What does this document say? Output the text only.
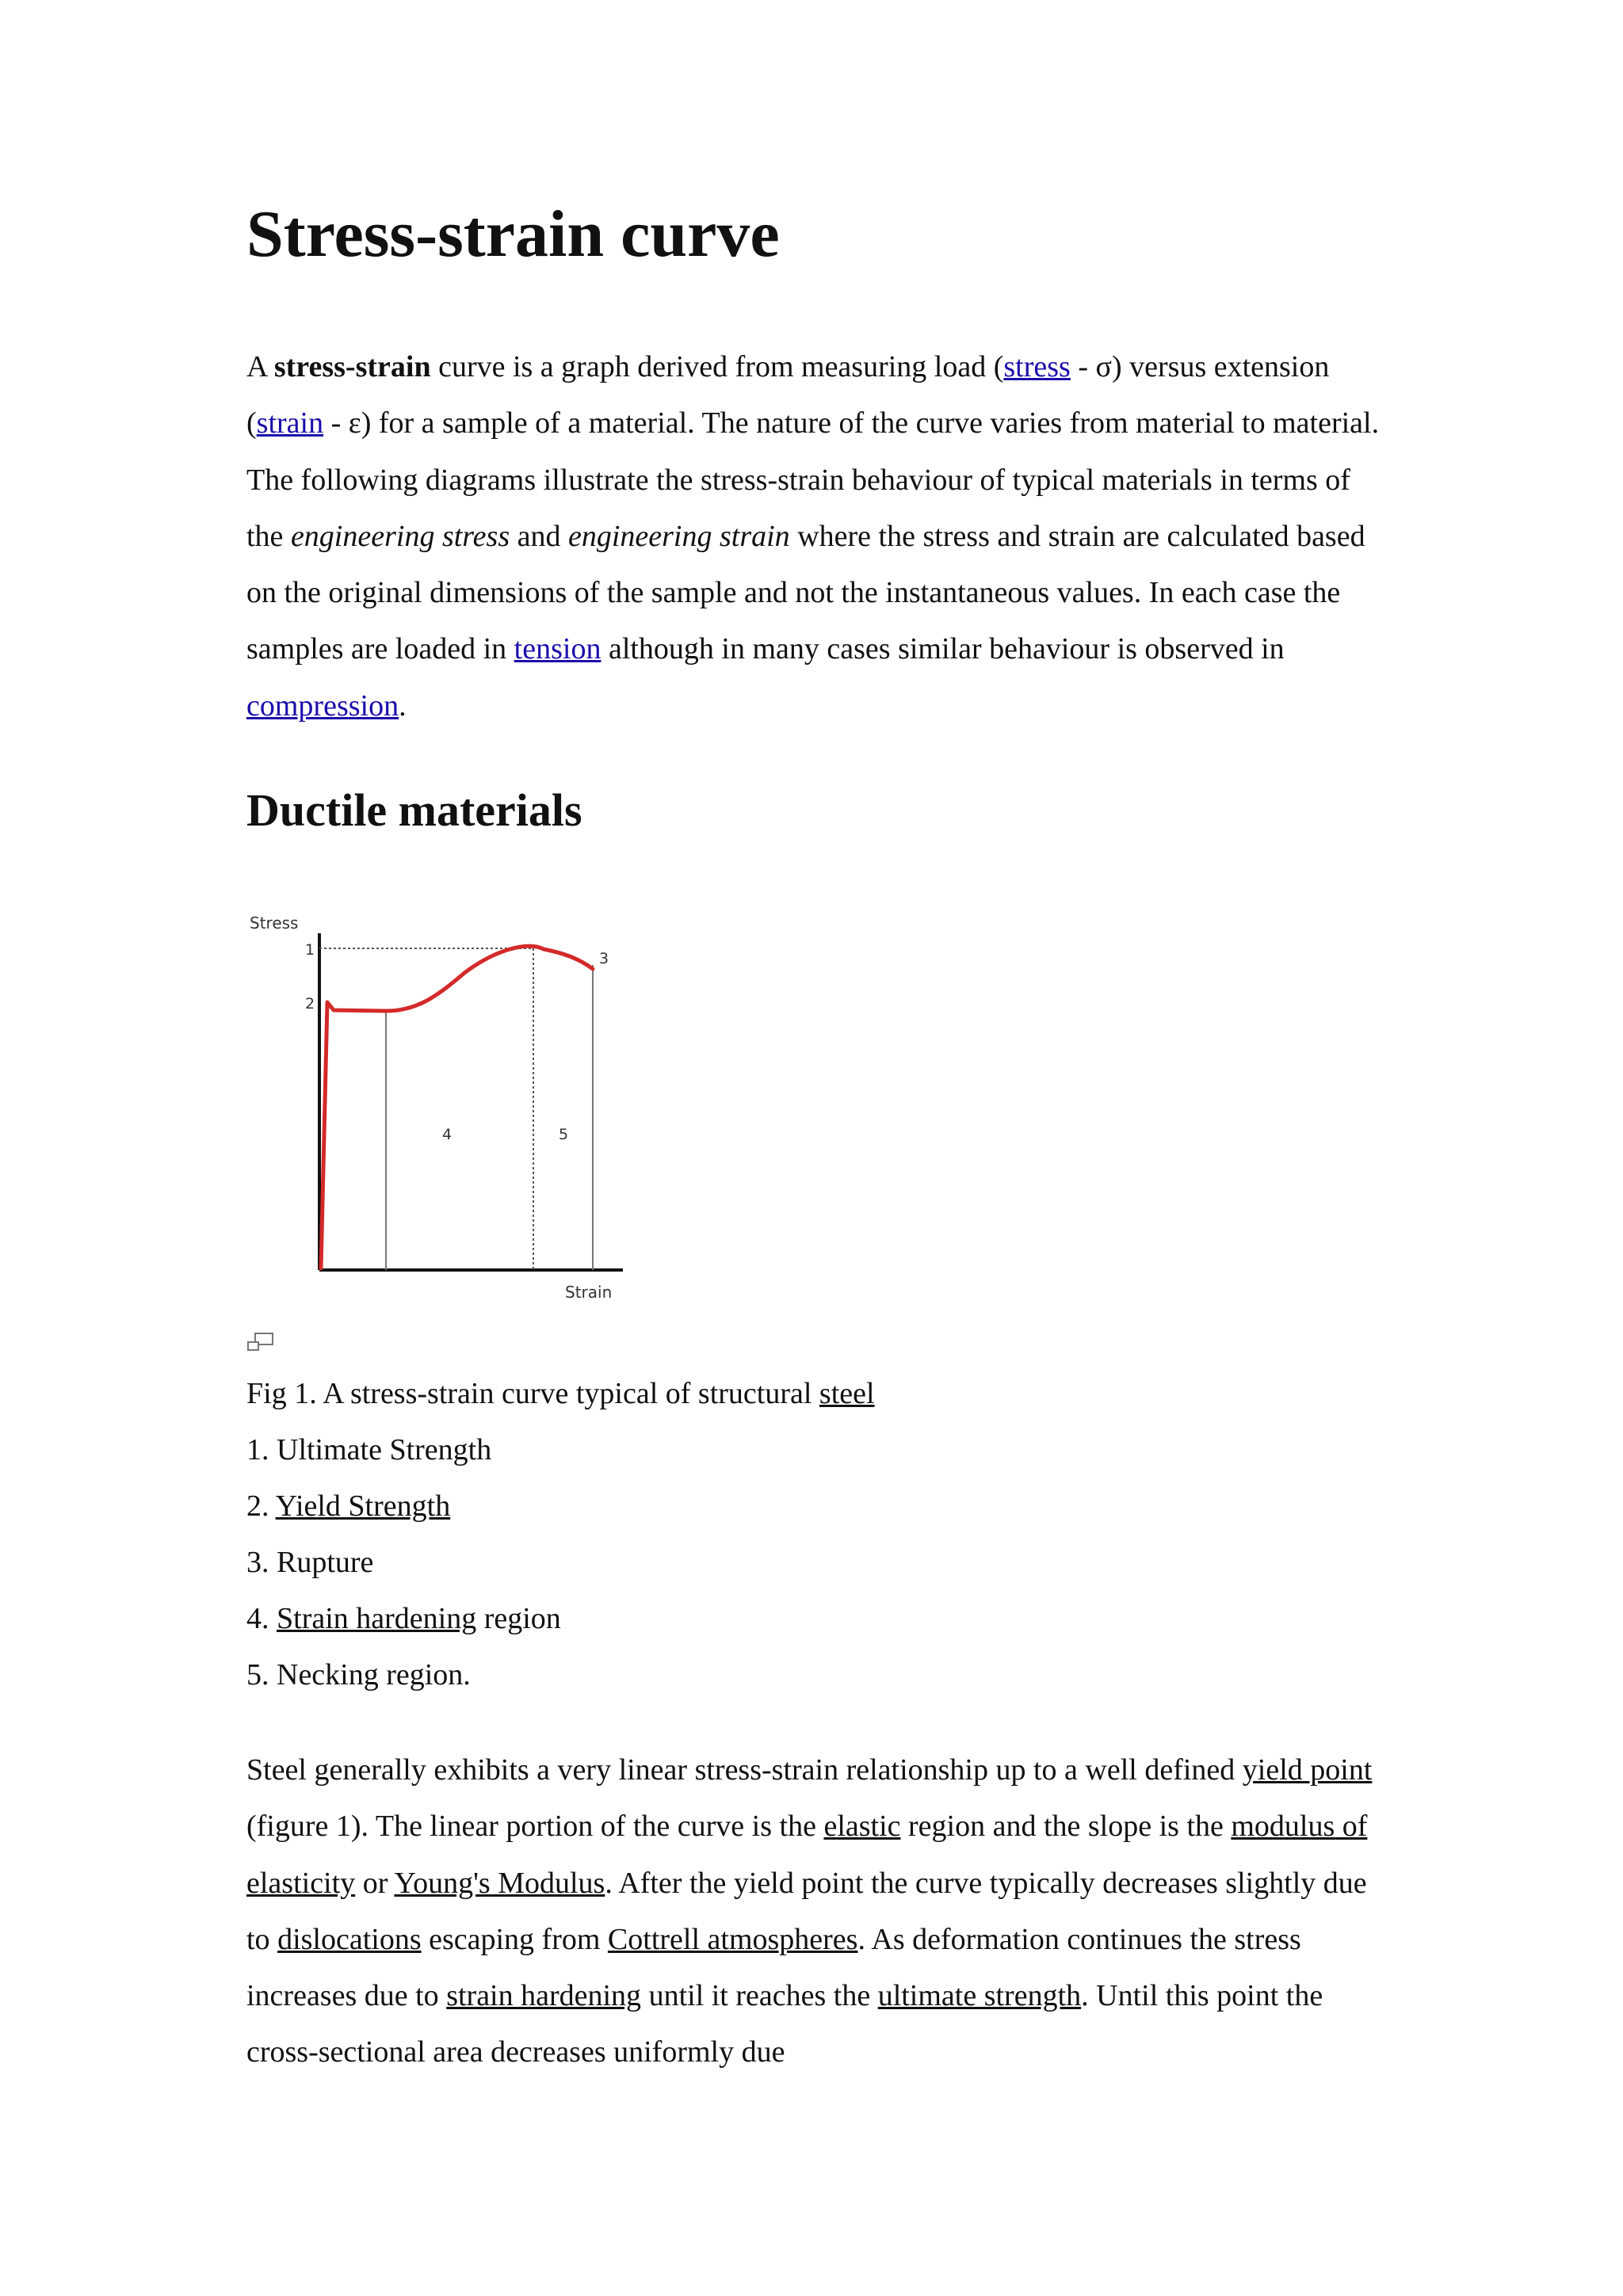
Stress-strain curve

A stress-strain curve is a graph derived from measuring load (stress - σ) versus extension (strain - ε) for a sample of a material. The nature of the curve varies from material to material. The following diagrams illustrate the stress-strain behaviour of typical materials in terms of the engineering stress and engineering strain where the stress and strain are calculated based on the original dimensions of the sample and not the instantaneous values. In each case the samples are loaded in tension although in many cases similar behaviour is observed in compression.

Ductile materials
Stress
1
2
3
4	5
Strain
Fig 1. A stress-strain curve typical of structural steel
1. Ultimate Strength
2. Yield Strength
3. Rupture
4. Strain hardening region
5. Necking region.

Steel generally exhibits a very linear stress-strain relationship up to a well defined yield point (figure 1). The linear portion of the curve is the elastic region and the slope is the modulus of elasticity or Young's Modulus. After the yield point the curve typically decreases slightly due to dislocations escaping from Cottrell atmospheres. As deformation continues the stress increases due to strain hardening until it reaches the ultimate strength. Until this point the cross-sectional area decreases uniformly due
